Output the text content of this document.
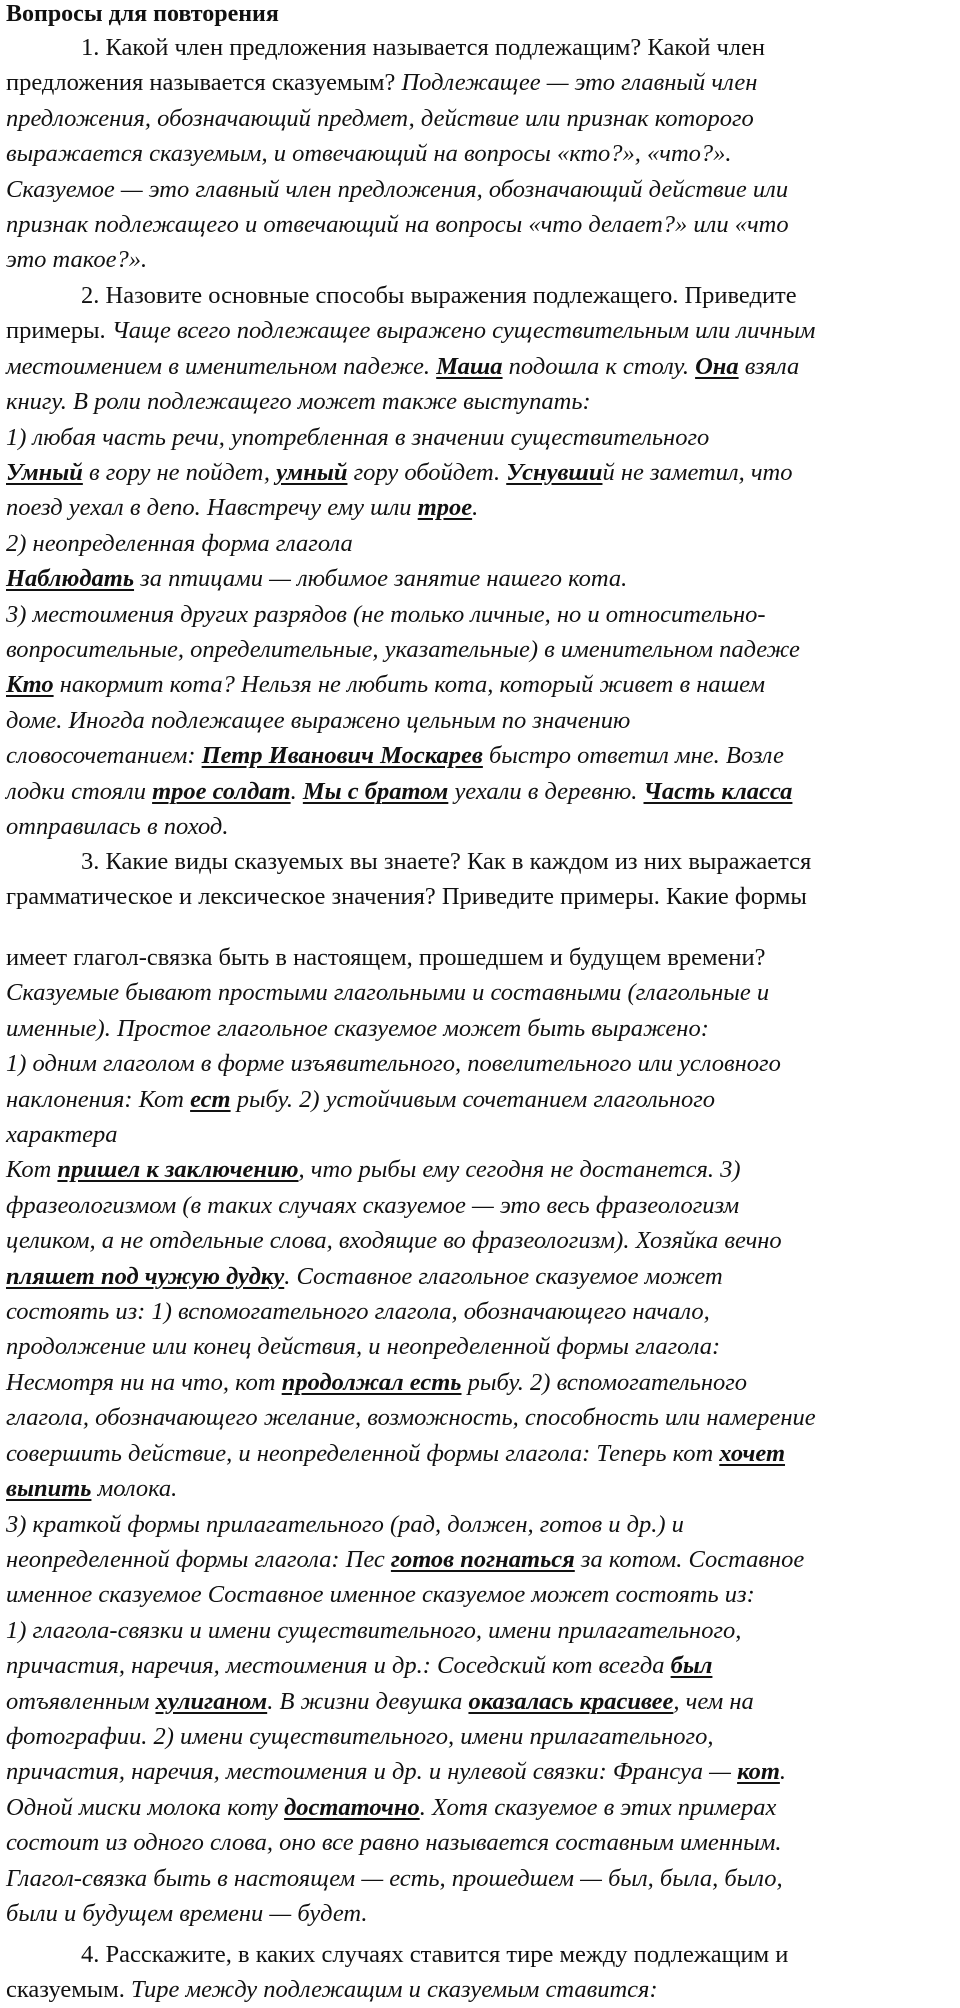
Вопросы для повторения
1. Какой член предложения называется подлежащим? Какой член
предложения называется сказуемым? Подлежащее — это главный член
предложения, обозначающий предмет, действие или признак которого
выражается сказуемым, и отвечающий на вопросы «кто?», «что?».
Сказуемое — это главный член предложения, обозначающий действие или
признак подлежащего и отвечающий на вопросы «что делает?» или «что
это такое?».
2. Назовите основные способы выражения подлежащего. Приведите
примеры. Чаще всего подлежащее выражено существительным или личным
местоимением в именительном падеже. Маша подошла к столу. Она взяла
книгу. В роли подлежащего может также выступать:
1) любая часть речи, употребленная в значении существительного
Умный в гору не пойдет, умный гору обойдет. Уснувший не заметил, что
поезд уехал в депо. Навстречу ему шли трое.
2) неопределенная форма глагола
Наблюдать за птицами — любимое занятие нашего кота.
3) местоимения других разрядов (не только личные, но и относительно-
вопросительные, определительные, указательные) в именительном падеже
Кто накормит кота? Нельзя не любить кота, который живет в нашем
доме. Иногда подлежащее выражено цельным по значению
словосочетанием: Петр Иванович Москарев быстро ответил мне. Возле
лодки стояли трое солдат. Мы с братом уехали в деревню. Часть класса
отправилась в поход.
3. Какие виды сказуемых вы знаете? Как в каждом из них выражается
грамматическое и лексическое значения? Приведите примеры. Какие формы
имеет глагол-связка быть в настоящем, прошедшем и будущем времени?
Сказуемые бывают простыми глагольными и составными (глагольные и
именные). Простое глагольное сказуемое может быть выражено:
1) одним глаголом в форме изъявительного, повелительного или условного
наклонения: Кот ест рыбу. 2) устойчивым сочетанием глагольного
характера
Кот пришел к заключению, что рыбы ему сегодня не достанется. 3)
фразеологизмом (в таких случаях сказуемое — это весь фразеологизм
целиком, а не отдельные слова, входящие во фразеологизм). Хозяйка вечно
пляшет под чужую дудку. Составное глагольное сказуемое может
состоять из: 1) вспомогательного глагола, обозначающего начало,
продолжение или конец действия, и неопределенной формы глагола:
Несмотря ни на что, кот продолжал есть рыбу. 2) вспомогательного
глагола, обозначающего желание, возможность, способность или намерение
совершить действие, и неопределенной формы глагола: Теперь кот хочет
выпить молока.
3) краткой формы прилагательного (рад, должен, готов и др.) и
неопределенной формы глагола: Пес готов погнаться за котом. Составное
именное сказуемое Составное именное сказуемое может состоять из:
1) глагола-связки и имени существительного, имени прилагательного,
причастия, наречия, местоимения и др.: Соседский кот всегда был
отъявленным хулиганом. В жизни девушка оказалась красивее, чем на
фотографии. 2) имени существительного, имени прилагательного,
причастия, наречия, местоимения и др. и нулевой связки: Франсуа — кот.
Одной миски молока коту достаточно. Хотя сказуемое в этих примерах
состоит из одного слова, оно все равно называется составным именным.
Глагол-связка быть в настоящем — есть, прошедшем — был, была, было,
были и будущем времени — будет.
4. Расскажите, в каких случаях ставится тире между подлежащим и
сказуемым. Тире между подлежащим и сказуемым ставится:
